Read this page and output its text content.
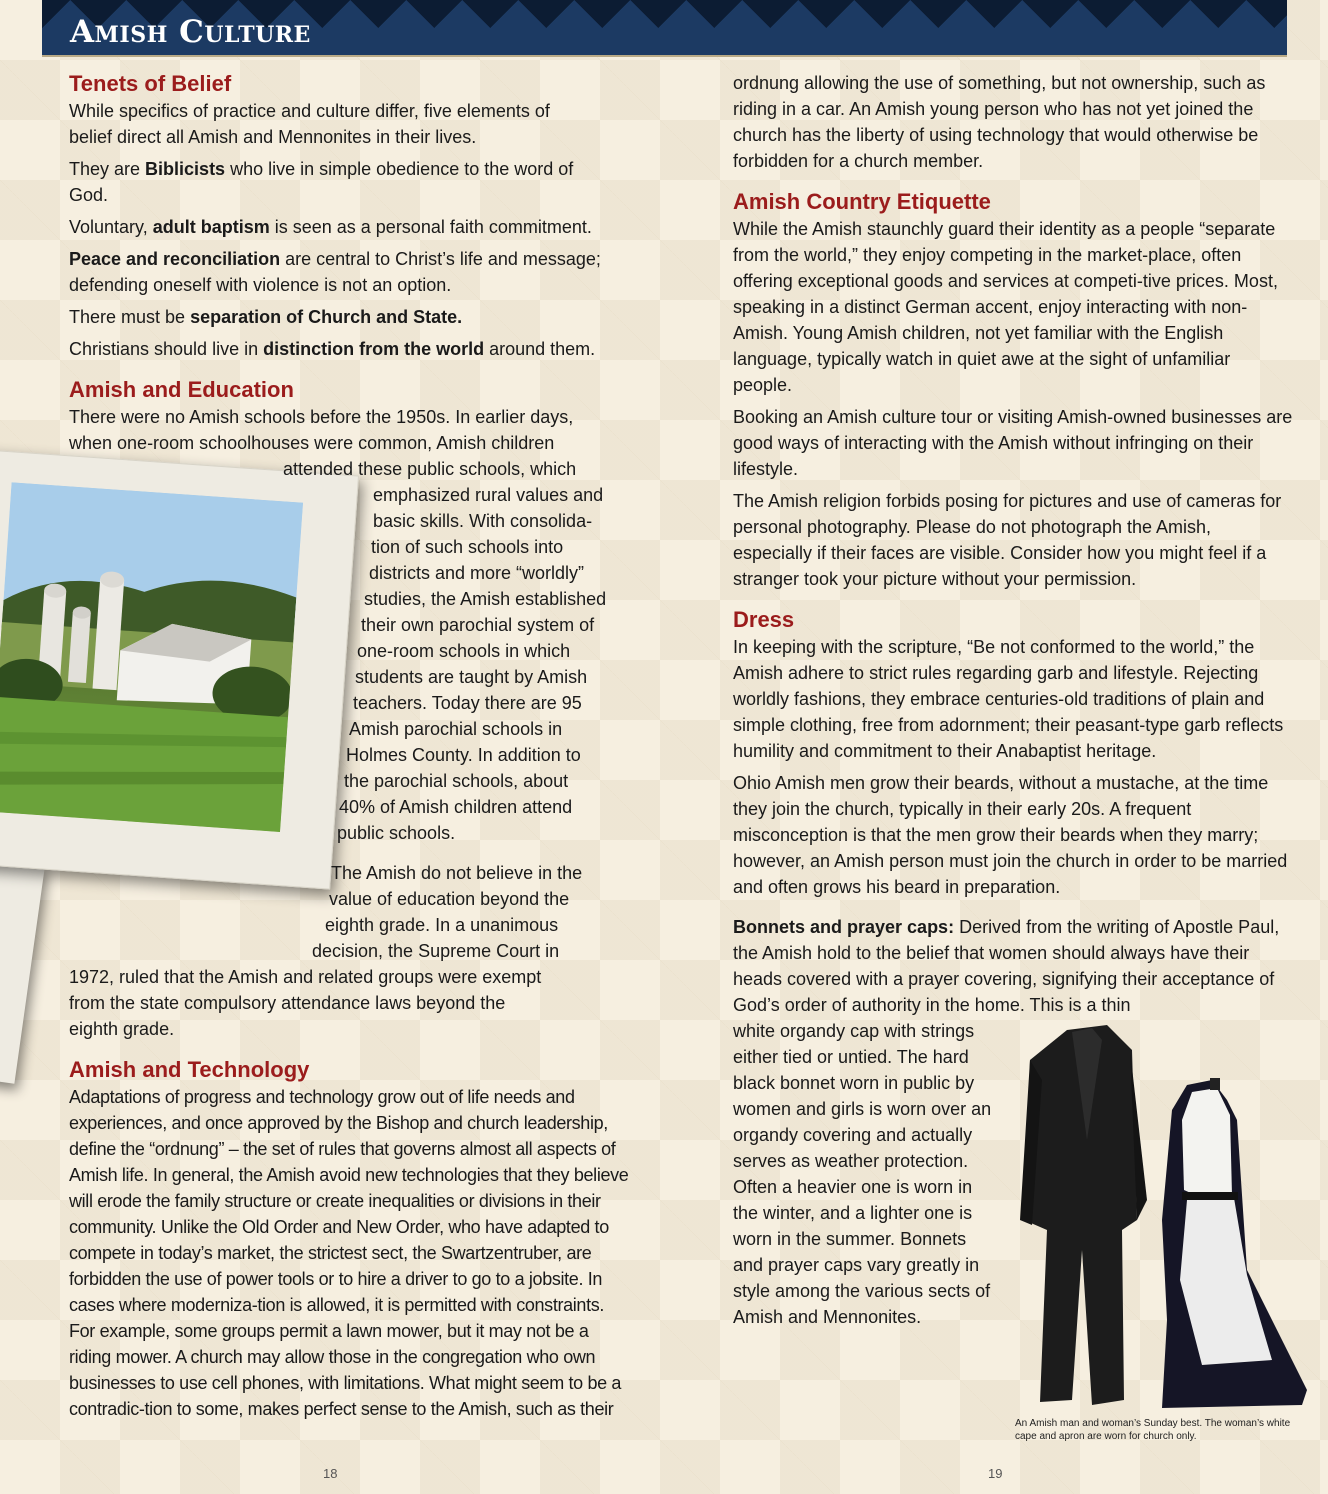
Amish Culture
Tenets of Belief

While specifics of practice and culture differ, five elements of belief direct all Amish and Mennonites in their lives.

They are Biblicists who live in simple obedience to the word of God.

Voluntary, adult baptism is seen as a personal faith commitment.

Peace and reconciliation are central to Christ’s life and message; defending oneself with violence is not an option.

There must be separation of Church and State.

Christians should live in distinction from the world around them.

Amish and Education
There were no Amish schools before the 1950s. In earlier days,
when one-room schoolhouses were common, Amish children
attended these public schools, which
emphasized rural values and
basic skills. With consolida-
tion of such schools into
districts and more “worldly”
studies, the Amish established
their own parochial system of
one-room schools in which
students are taught by Amish
teachers. Today there are 95
Amish parochial schools in
Holmes County. In addition to
the parochial schools, about
40% of Amish children attend
public schools.
The Amish do not believe in the
value of education beyond the
eighth grade. In a unanimous
decision, the Supreme Court in
1972, ruled that the Amish and related groups were exempt
from the state compulsory attendance laws beyond the
eighth grade.
Amish and Technology

Adaptations of progress and technology grow out of life needs and experiences, and once approved by the Bishop and church leadership, define the “ordnung” – the set of rules that governs almost all aspects of Amish life. In general, the Amish avoid new technologies that they believe will erode the family structure or create inequalities or divisions in their community. Unlike the Old Order and New Order, who have adapted to compete in today’s market, the strictest sect, the Swartzentruber, are forbidden the use of power tools or to hire a driver to go to a jobsite. In cases where moderniza-tion is allowed, it is permitted with constraints. For example, some groups permit a lawn mower, but it may not be a riding mower. A church may allow those in the congregation who own businesses to use cell phones, with limitations. What might seem to be a contradic-tion to some, makes perfect sense to the Amish, such as their

ordnung allowing the use of something, but not ownership, such as riding in a car. An Amish young person who has not yet joined the church has the liberty of using technology that would otherwise be forbidden for a church member.

Amish Country Etiquette

While the Amish staunchly guard their identity as a people “separate from the world,” they enjoy competing in the market-place, often offering exceptional goods and services at competi-tive prices. Most, speaking in a distinct German accent, enjoy interacting with non-Amish. Young Amish children, not yet familiar with the English language, typically watch in quiet awe at the sight of unfamiliar people.

Booking an Amish culture tour or visiting Amish-owned businesses are good ways of interacting with the Amish without infringing on their lifestyle.

The Amish religion forbids posing for pictures and use of cameras for personal photography. Please do not photograph the Amish, especially if their faces are visible. Consider how you might feel if a stranger took your picture without your permission.

Dress

In keeping with the scripture, “Be not conformed to the world,” the Amish adhere to strict rules regarding garb and lifestyle. Rejecting worldly fashions, they embrace centuries-old traditions of plain and simple clothing, free from adornment; their peasant-type garb reflects humility and commitment to their Anabaptist heritage.

Ohio Amish men grow their beards, without a mustache, at the time they join the church, typically in their early 20s. A frequent misconception is that the men grow their beards when they marry; however, an Amish person must join the church in order to be married and often grows his beard in preparation.

Bonnets and prayer caps: Derived from the writing of Apostle Paul, the Amish hold to the belief that women should always have their heads covered with a prayer covering, signifying their acceptance of God’s order of authority in the home. This is a thin

white organdy cap with strings
either tied or untied. The hard
black bonnet worn in public by
women and girls is worn over an
organdy covering and actually
serves as weather protection.
Often a heavier one is worn in
the winter, and a lighter one is
worn in the summer. Bonnets
and prayer caps vary greatly in
style among the various sects of
Amish and Mennonites.
An Amish man and woman’s Sunday best. The woman’s white cape and apron are worn for church only.
18	19
